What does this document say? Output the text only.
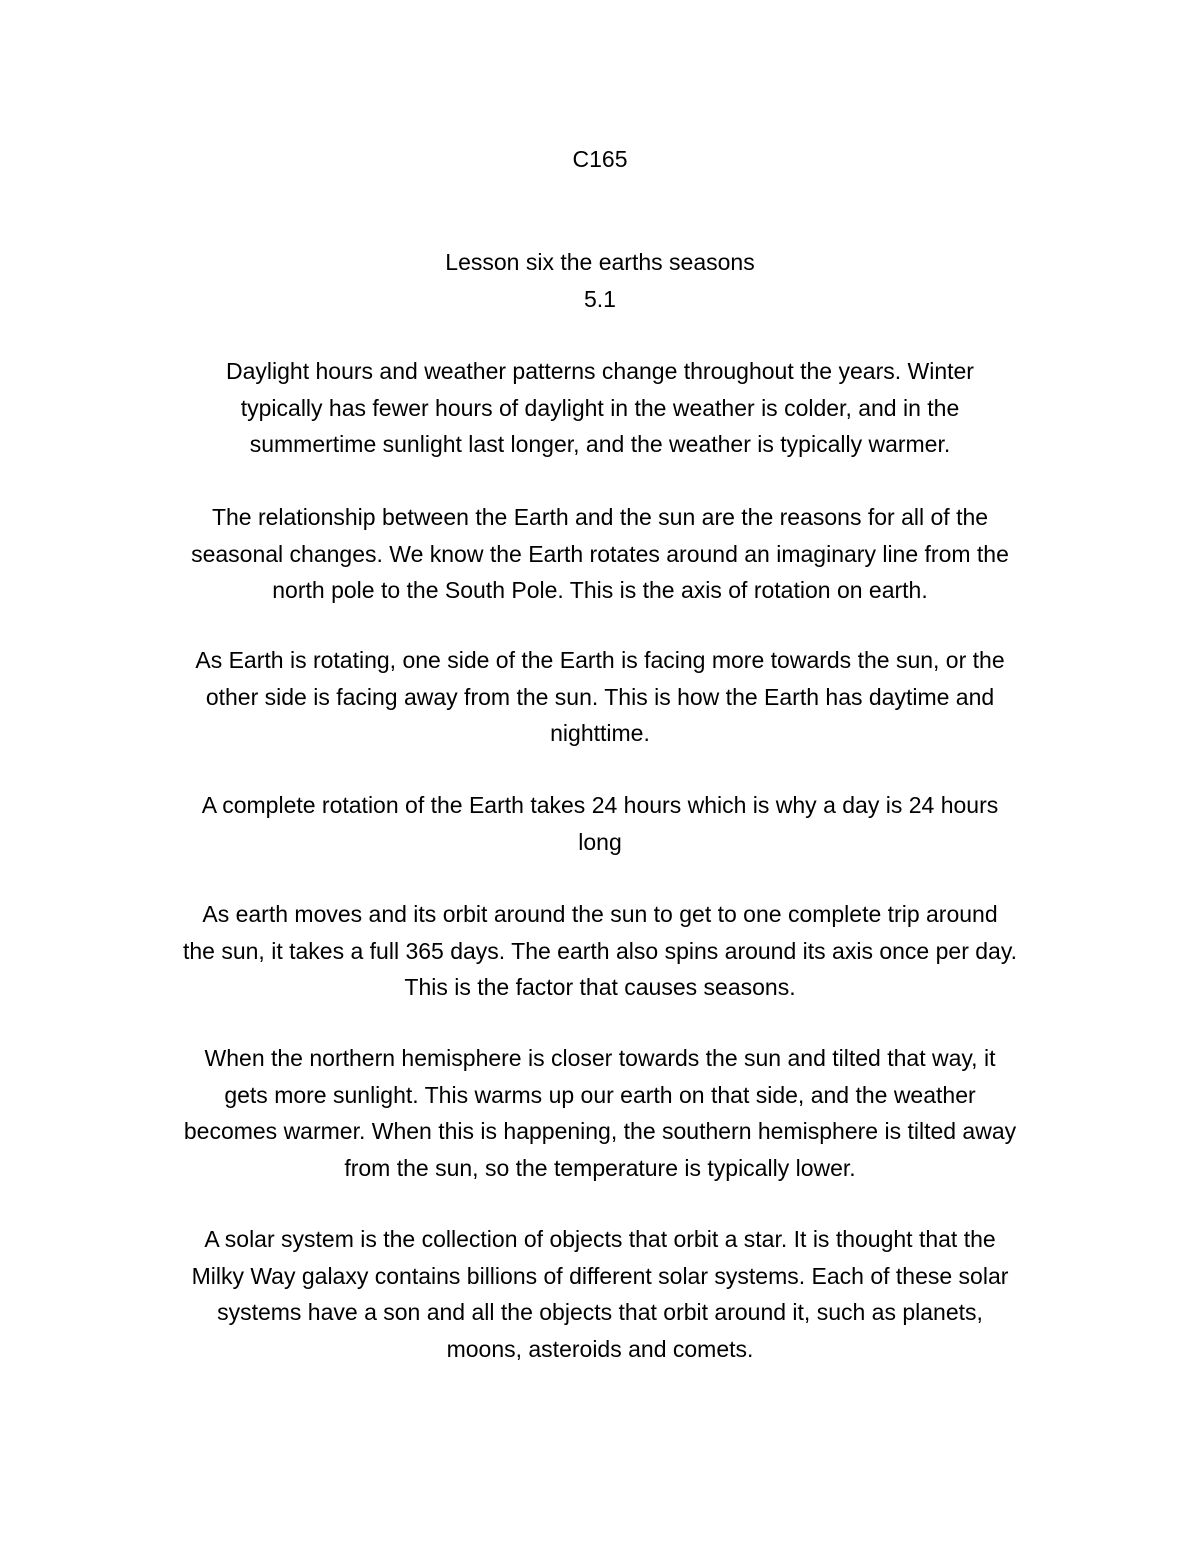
C165

Lesson six the earths seasons

5.1

Daylight hours and weather patterns change throughout the years. Winter
typically has fewer hours of daylight in the weather is colder, and in the
summertime sunlight last longer, and the weather is typically warmer.
The relationship between the Earth and the sun are the reasons for all of the
seasonal changes. We know the Earth rotates around an imaginary line from the
north pole to the South Pole. This is the axis of rotation on earth.
As Earth is rotating, one side of the Earth is facing more towards the sun, or the
other side is facing away from the sun. This is how the Earth has daytime and
nighttime.
A complete rotation of the Earth takes 24 hours which is why a day is 24 hours
long
As earth moves and its orbit around the sun to get to one complete trip around
the sun, it takes a full 365 days. The earth also spins around its axis once per day.
This is the factor that causes seasons.
When the northern hemisphere is closer towards the sun and tilted that way, it
gets more sunlight. This warms up our earth on that side, and the weather
becomes warmer. When this is happening, the southern hemisphere is tilted away
from the sun, so the temperature is typically lower.
A solar system is the collection of objects that orbit a star. It is thought that the
Milky Way galaxy contains billions of different solar systems. Each of these solar
systems have a son and all the objects that orbit around it, such as planets,
moons, asteroids and comets.
